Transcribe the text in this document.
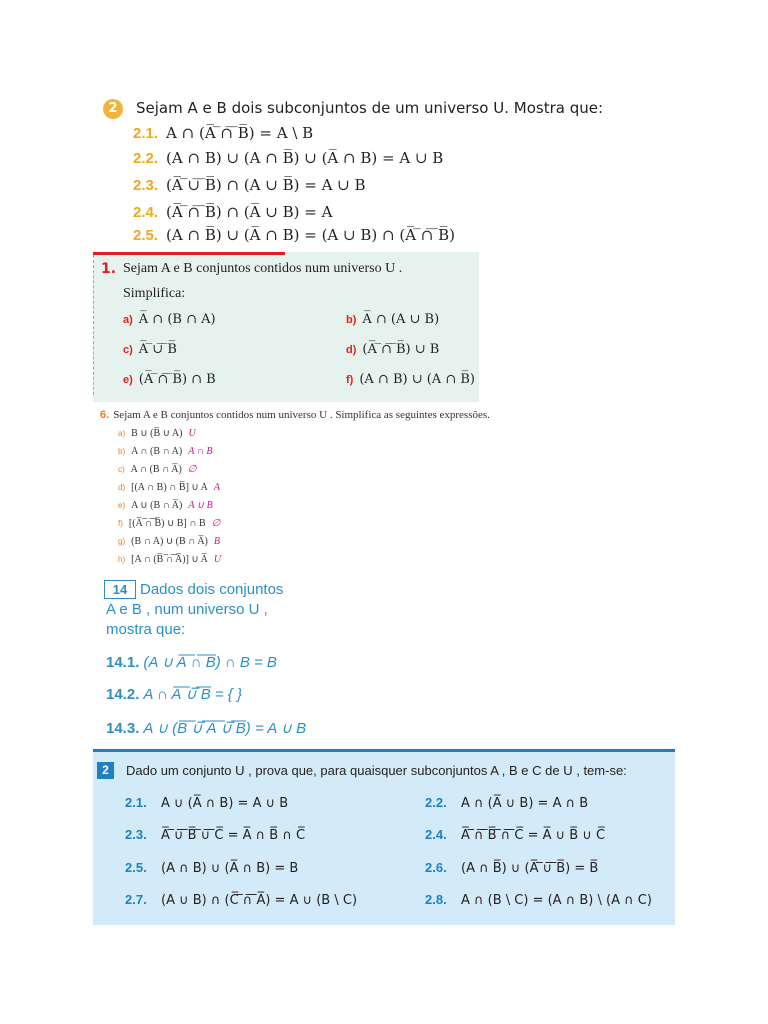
2	Sejam A e B dois subconjuntos de um universo U. Mostra que:
2.1. A ∩ (A̅ ̅∩̅ ̅B̅) = A \ B
2.2. (A ∩ B) ∪ (A ∩ B̅) ∪ (A̅ ∩ B) = A ∪ B
2.3. (A̅ ̅∪̅ ̅B̅) ∩ (A ∪ B̅) = A ∪ B
2.4. (A̅ ̅∩̅ ̅B̅) ∩ (A̅ ∪ B) = A
2.5. (A ∩ B̅) ∪ (A̅ ∩ B) = (A ∪ B) ∩ (A̅ ̅∩̅ ̅B̅)
1. Sejam A e B conjuntos contidos num universo U .
Simplifica:
a) A̅ ∩ (B ∩ A)	b) A̅ ∩ (A ∪ B)
c) A̅ ̅∪̅ ̅B̅	d) (A̅ ̅∩̅ ̅B̅) ∪ B
e) (A̅ ̅∩̅ ̅B̅) ∩ B	f) (A ∩ B) ∪ (A ∩ B̅)
6. Sejam A e B conjuntos contidos num universo U . Simplifica as seguintes expressões.
a) B ∪ (B̅ ∪ A) U
b) A ∩ (B ∩ A) A ∩ B
c) A ∩ (B ∩ A̅) ∅
d) [(A ∩ B) ∩ B̅] ∪ A A
e) A ∪ (B ∩ A̅) A ∪ B
f) [(A̅ ̅∩̅ ̅B̅) ∪ B] ∩ B ∅
g) (B ∩ A) ∪ (B ∩ A̅) B
h) [A ∩ (B̅ ̅∩̅ ̅A̅)] ∪ A̅ U
14 Dados dois conjuntos
A e B , num universo U ,
mostra que:
14.1. (A ∪ A̅ ̅∩̅ ̅B̅) ∩ B = B
14.2. A ∩ A̅ ̅∪̅ ̅B̅ = { }
14.3. A ∪ (B̅ ̅∪̅ ̅A̅ ̅∪̅ ̅B̅) = A ∪ B
2	Dado um conjunto U , prova que, para quaisquer subconjuntos A , B e C de U , tem-se:
2.1. A ∪ (A̅ ∩ B) = A ∪ B	2.2. A ∩ (A̅ ∪ B) = A ∩ B
2.3. A̅ ̅∪̅ ̅B̅ ̅∪̅ ̅C̅ = A̅ ∩ B̅ ∩ C̅	2.4. A̅ ̅∩̅ ̅B̅ ̅∩̅ ̅C̅ = A̅ ∪ B̅ ∪ C̅
2.5. (A ∩ B) ∪ (A̅ ∩ B) = B	2.6. (A ∩ B̅) ∪ (A̅ ̅∪̅ ̅B̅) = B̅
2.7. (A ∪ B) ∩ (C̅ ̅∩̅ ̅A̅) = A ∪ (B \ C)	2.8. A ∩ (B \ C) = (A ∩ B) \ (A ∩ C)
